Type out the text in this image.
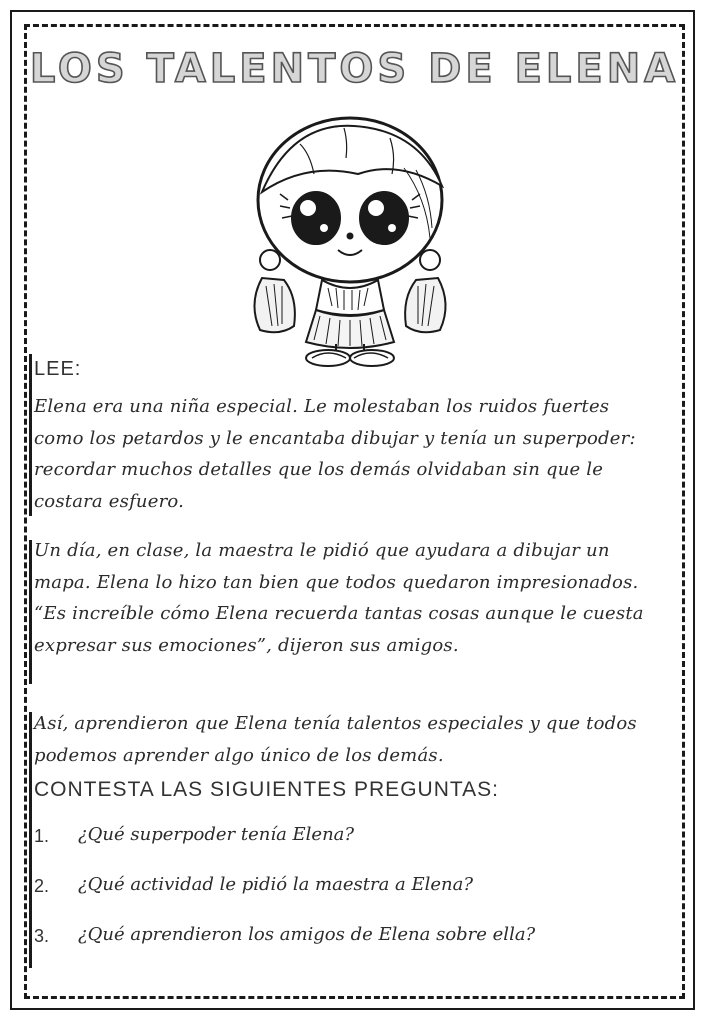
LOS TALENTOS DE ELENA
LEE:

Elena era una niña especial. Le molestaban los ruidos fuertes como los petardos y le encantaba dibujar y tenía un superpoder: recordar muchos detalles que los demás olvidaban sin que le costara esfuero.

Un día, en clase, la maestra le pidió que ayudara a dibujar un mapa. Elena lo hizo tan bien que todos quedaron impresionados. “Es increíble cómo Elena recuerda tantas cosas aunque le cuesta expresar sus emociones”, dijeron sus amigos.

Así, aprendieron que Elena tenía talentos especiales y que todos podemos aprender algo único de los demás.

CONTESTA LAS SIGUIENTES PREGUNTAS:
1.	¿Qué superpoder tenía Elena?
2.	¿Qué actividad le pidió la maestra a Elena?
3.	¿Qué aprendieron los amigos de Elena sobre ella?
